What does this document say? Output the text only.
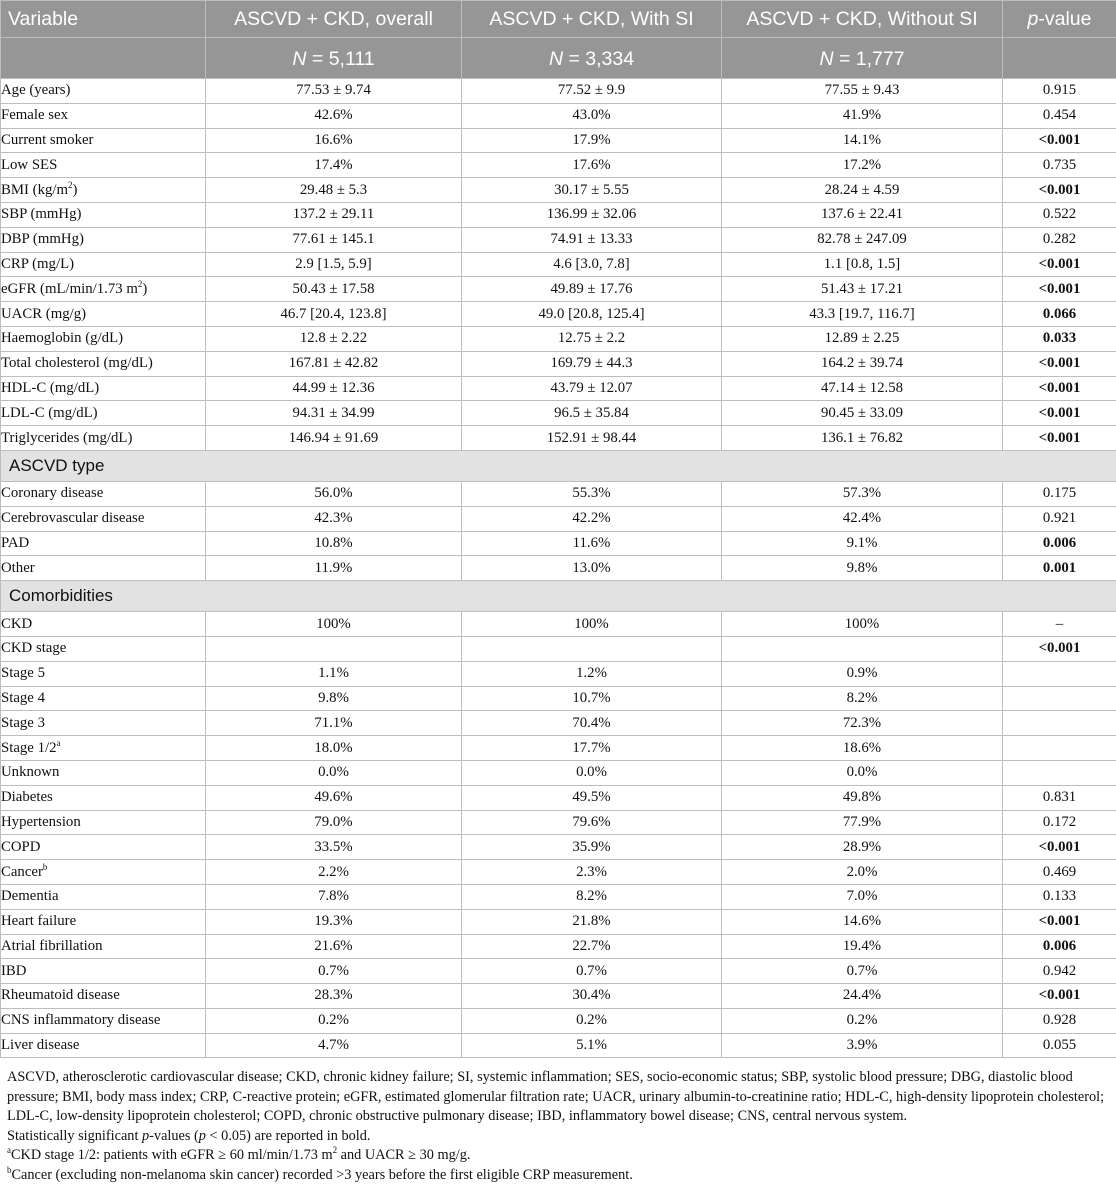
Variable	ASCVD + CKD, overall	ASCVD + CKD, With SI	ASCVD + CKD, Without SI	p-value
	N = 5,111	N = 3,334	N = 1,777	
Age (years)	77.53 ± 9.74	77.52 ± 9.9	77.55 ± 9.43	0.915
Female sex	42.6%	43.0%	41.9%	0.454
Current smoker	16.6%	17.9%	14.1%	<0.001
Low SES	17.4%	17.6%	17.2%	0.735
BMI $(kg/m^2)$	29.48 ± 5.3	30.17 ± 5.55	28.24 ± 4.59	<0.001
SBP (mmHg)	137.2 ± 29.11	136.99 ± 32.06	137.6 ± 22.41	0.522
DBP (mmHg)	77.61 ± 145.1	74.91 ± 13.33	82.78 ± 247.09	0.282
CRP (mg/L)	2.9 [1.5, 5.9]	4.6 [3.0, 7.8]	1.1 [0.8, 1.5]	<0.001
eGFR (mL/min/1.73 $m^2$)	50.43 ± 17.58	49.89 ± 17.76	51.43 ± 17.21	<0.001
UACR (mg/g)	46.7 [20.4, 123.8]	49.0 [20.8, 125.4]	43.3 [19.7, 116.7]	0.066
Haemoglobin (g/dL)	12.8 ± 2.22	12.75 ± 2.2	12.89 ± 2.25	0.033
Total cholesterol (mg/dL)	167.81 ± 42.82	169.79 ± 44.3	164.2 ± 39.74	<0.001
HDL-C (mg/dL)	44.99 ± 12.36	43.79 ± 12.07	47.14 ± 12.58	<0.001
LDL-C (mg/dL)	94.31 ± 34.99	96.5 ± 35.84	90.45 ± 33.09	<0.001
Triglycerides (mg/dL)	146.94 ± 91.69	152.91 ± 98.44	136.1 ± 76.82	<0.001
ASCVD type				
Coronary disease	56.0%	55.3%	57.3%	0.175
Cerebrovascular disease	42.3%	42.2%	42.4%	0.921
PAD	10.8%	11.6%	9.1%	0.006
Other	11.9%	13.0%	9.8%	0.001
Comorbidities				
CKD	100%	100%	100%	–
CKD stage				<0.001
Stage 5	1.1%	1.2%	0.9%	
Stage 4	9.8%	10.7%	8.2%	
Stage 3	71.1%	70.4%	72.3%	
Stage 1/2$^a$	18.0%	17.7%	18.6%	
Unknown	0.0%	0.0%	0.0%	
Diabetes	49.6%	49.5%	49.8%	0.831
Hypertension	79.0%	79.6%	77.9%	0.172
COPD	33.5%	35.9%	28.9%	<0.001
Cancer$^b$	2.2%	2.3%	2.0%	0.469
Dementia	7.8%	8.2%	7.0%	0.133
Heart failure	19.3%	21.8%	14.6%	<0.001
Atrial fibrillation	21.6%	22.7%	19.4%	0.006
IBD	0.7%	0.7%	0.7%	0.942
Rheumatoid disease	28.3%	30.4%	24.4%	<0.001
CNS inflammatory disease	0.2%	0.2%	0.2%	0.928
Liver disease	4.7%	5.1%	3.9%	0.055

ASCVD, atherosclerotic cardiovascular disease; CKD, chronic kidney failure; SI, systemic inflammation; SES, socio-economic status; SBP, systolic blood pressure; DBG, diastolic blood pressure; BMI, body mass index; CRP, C-reactive protein; eGFR, estimated glomerular filtration rate; UACR, urinary albumin-to-creatinine ratio; HDL-C, high-density lipoprotein cholesterol; LDL-C, low-density lipoprotein cholesterol; COPD, chronic obstructive pulmonary disease; IBD, inflammatory bowel disease; CNS, central nervous system.

Statistically significant p-values (p < 0.05) are reported in bold.

$^a$CKD stage 1/2: patients with eGFR ≥ 60 ml/min/1.73 $m^2$ and UACR ≥ 30 mg/g.

$^b$Cancer (excluding non-melanoma skin cancer) recorded >3 years before the first eligible CRP measurement.
